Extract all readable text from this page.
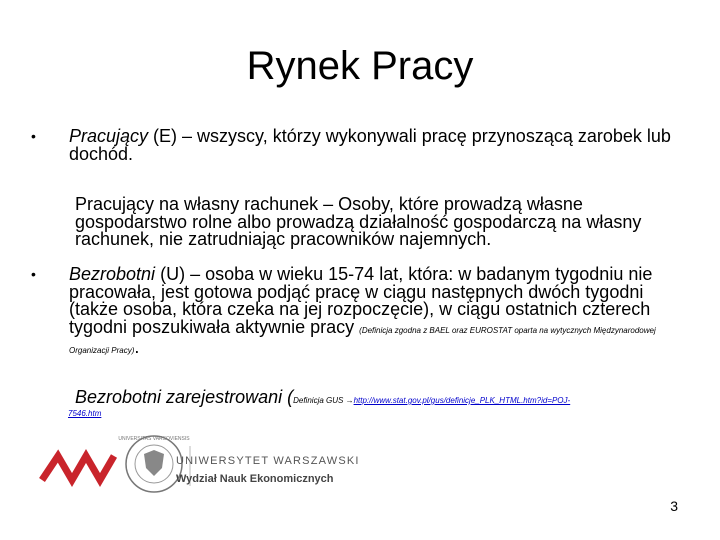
Rynek Pracy
• Pracujący (E) – wszyscy, którzy wykonywali pracę przynoszącą zarobek lub dochód.
Pracujący na własny rachunek – Osoby, które prowadzą własne gospodarstwo rolne albo prowadzą działalność gospodarczą na własny rachunek, nie zatrudniając pracowników najemnych.
• Bezrobotni (U) – osoba w wieku 15-74 lat, która: w badanym tygodniu nie pracowała, jest gotowa podjąć pracę w ciągu następnych dwóch tygodni (także osoba, która czeka na jej rozpoczęcie), w ciągu ostatnich czterech tygodni poszukiwała aktywnie pracy (Definicja zgodna z BAEL oraz EUROSTAT oparta na wytycznych Międzynarodowej Organizacji Pracy).
Bezrobotni zarejestrowani (Definicja GUS →http://www.stat.gov.pl/gus/definicje_PLK_HTML.htm?id=POJ-
7546.htm
UNIVERSITAS VARSOVIENSIS
UNIWERSYTET WARSZAWSKI
Wydział Nauk Ekonomicznych
3
